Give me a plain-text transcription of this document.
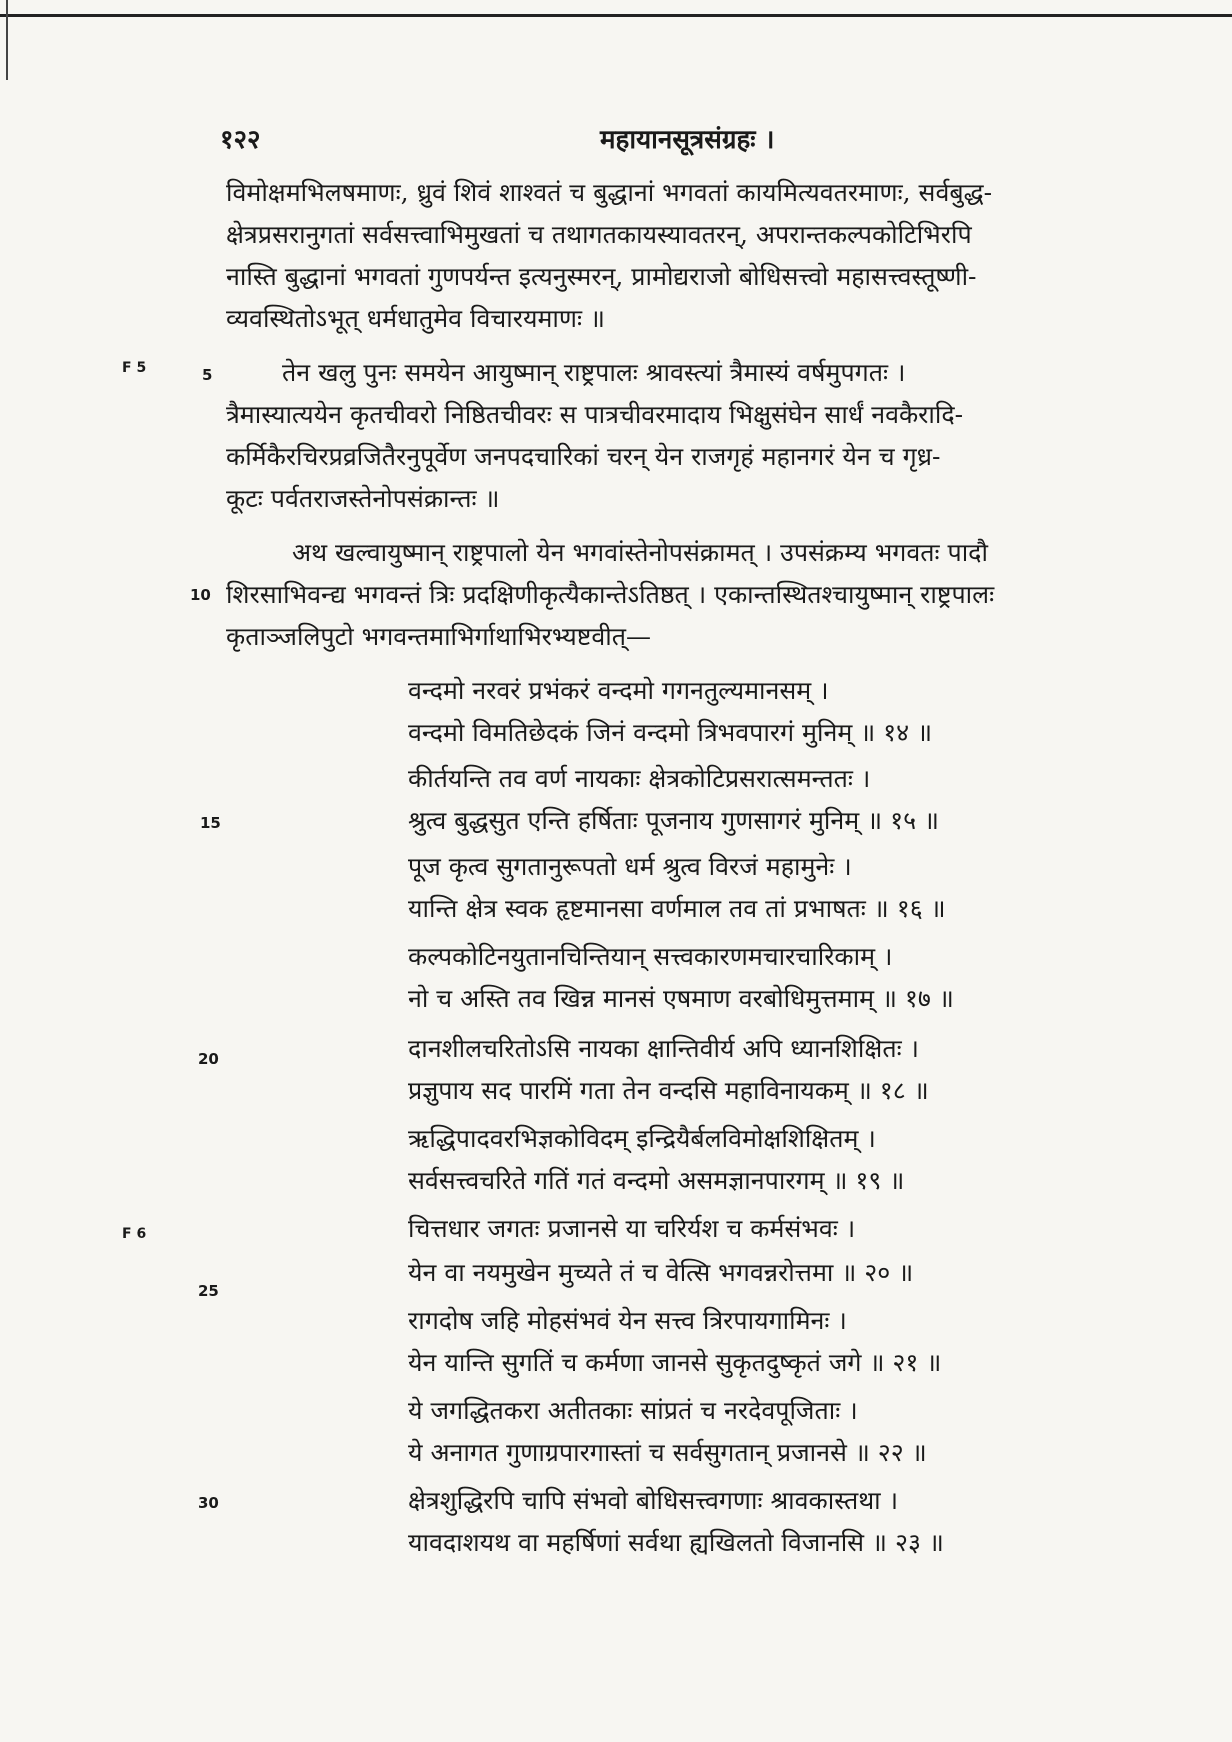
१२२	महायानसूत्रसंग्रहः ।
विमोक्षमभिलषमाणः, ध्रुवं शिवं शाश्वतं च बुद्धानां भगवतां कायमित्यवतरमाणः, सर्वबुद्ध-
क्षेत्रप्रसरानुगतां सर्वसत्त्वाभिमुखतां च तथागतकायस्यावतरन्, अपरान्तकल्पकोटिभिरपि
नास्ति बुद्धानां भगवतां गुणपर्यन्त इत्यनुस्मरन्, प्रामोद्यराजो बोधिसत्त्वो महासत्त्वस्तूष्णी-
व्यवस्थितोऽभूत् धर्मधातुमेव विचारयमाणः ॥
F 5	5	तेन खलु पुनः समयेन आयुष्मान् राष्ट्रपालः श्रावस्त्यां त्रैमास्यं वर्षमुपगतः ।
त्रैमास्यात्ययेन कृतचीवरो निष्ठितचीवरः स पात्रचीवरमादाय भिक्षुसंघेन सार्धं नवकैरादि-
कर्मिकैरचिरप्रव्रजितैरनुपूर्वेण जनपदचारिकां चरन् येन राजगृहं महानगरं येन च गृध्र-
कूटः पर्वतराजस्तेनोपसंक्रान्तः ॥
अथ खल्वायुष्मान् राष्ट्रपालो येन भगवांस्तेनोपसंक्रामत् । उपसंक्रम्य भगवतः पादौ
10 शिरसाभिवन्द्य भगवन्तं त्रिः प्रदक्षिणीकृत्यैकान्तेऽतिष्ठत् । एकान्तस्थितश्चायुष्मान् राष्ट्रपालः
कृताञ्जलिपुटो भगवन्तमाभिर्गाथाभिरभ्यष्टवीत्—
वन्दमो नरवरं प्रभंकरं वन्दमो गगनतुल्यमानसम् ।
वन्दमो विमतिछेदकं जिनं वन्दमो त्रिभवपारगं मुनिम् ॥ १४ ॥
कीर्तयन्ति तव वर्ण नायकाः क्षेत्रकोटिप्रसरात्समन्ततः ।
15	श्रुत्व बुद्धसुत एन्ति हर्षिताः पूजनाय गुणसागरं मुनिम् ॥ १५ ॥
पूज कृत्व सुगतानुरूपतो धर्म श्रुत्व विरजं महामुनेः ।
यान्ति क्षेत्र स्वक हृष्टमानसा वर्णमाल तव तां प्रभाषतः ॥ १६ ॥
कल्पकोटिनयुतानचिन्तियान् सत्त्वकारणमचारचारिकाम् ।
नो च अस्ति तव खिन्न मानसं एषमाण वरबोधिमुत्तमाम् ॥ १७ ॥
20	दानशीलचरितोऽसि नायका क्षान्तिवीर्य अपि ध्यानशिक्षितः ।
प्रज्ञुपाय सद पारमिं गता तेन वन्दसि महाविनायकम् ॥ १८ ॥
ऋद्धिपादवरभिज्ञकोविदम् इन्द्रियैर्बलविमोक्षशिक्षितम् ।
सर्वसत्त्वचरिते गतिं गतं वन्दमो असमज्ञानपारगम् ॥ १९ ॥
F 6	चित्तधार जगतः प्रजानसे या चरिर्यश च कर्मसंभवः ।
25
येन वा नयमुखेन मुच्यते तं च वेत्सि भगवन्नरोत्तमा ॥ २० ॥
रागदोष जहि मोहसंभवं येन सत्त्व त्रिरपायगामिनः ।
येन यान्ति सुगतिं च कर्मणा जानसे सुकृतदुष्कृतं जगे ॥ २१ ॥
ये जगद्धितकरा अतीतकाः सांप्रतं च नरदेवपूजिताः ।
ये अनागत गुणाग्रपारगास्तां च सर्वसुगतान् प्रजानसे ॥ २२ ॥
30	क्षेत्रशुद्धिरपि चापि संभवो बोधिसत्त्वगणाः श्रावकास्तथा ।
यावदाशयथ वा महर्षिणां सर्वथा ह्यखिलतो विजानसि ॥ २३ ॥
